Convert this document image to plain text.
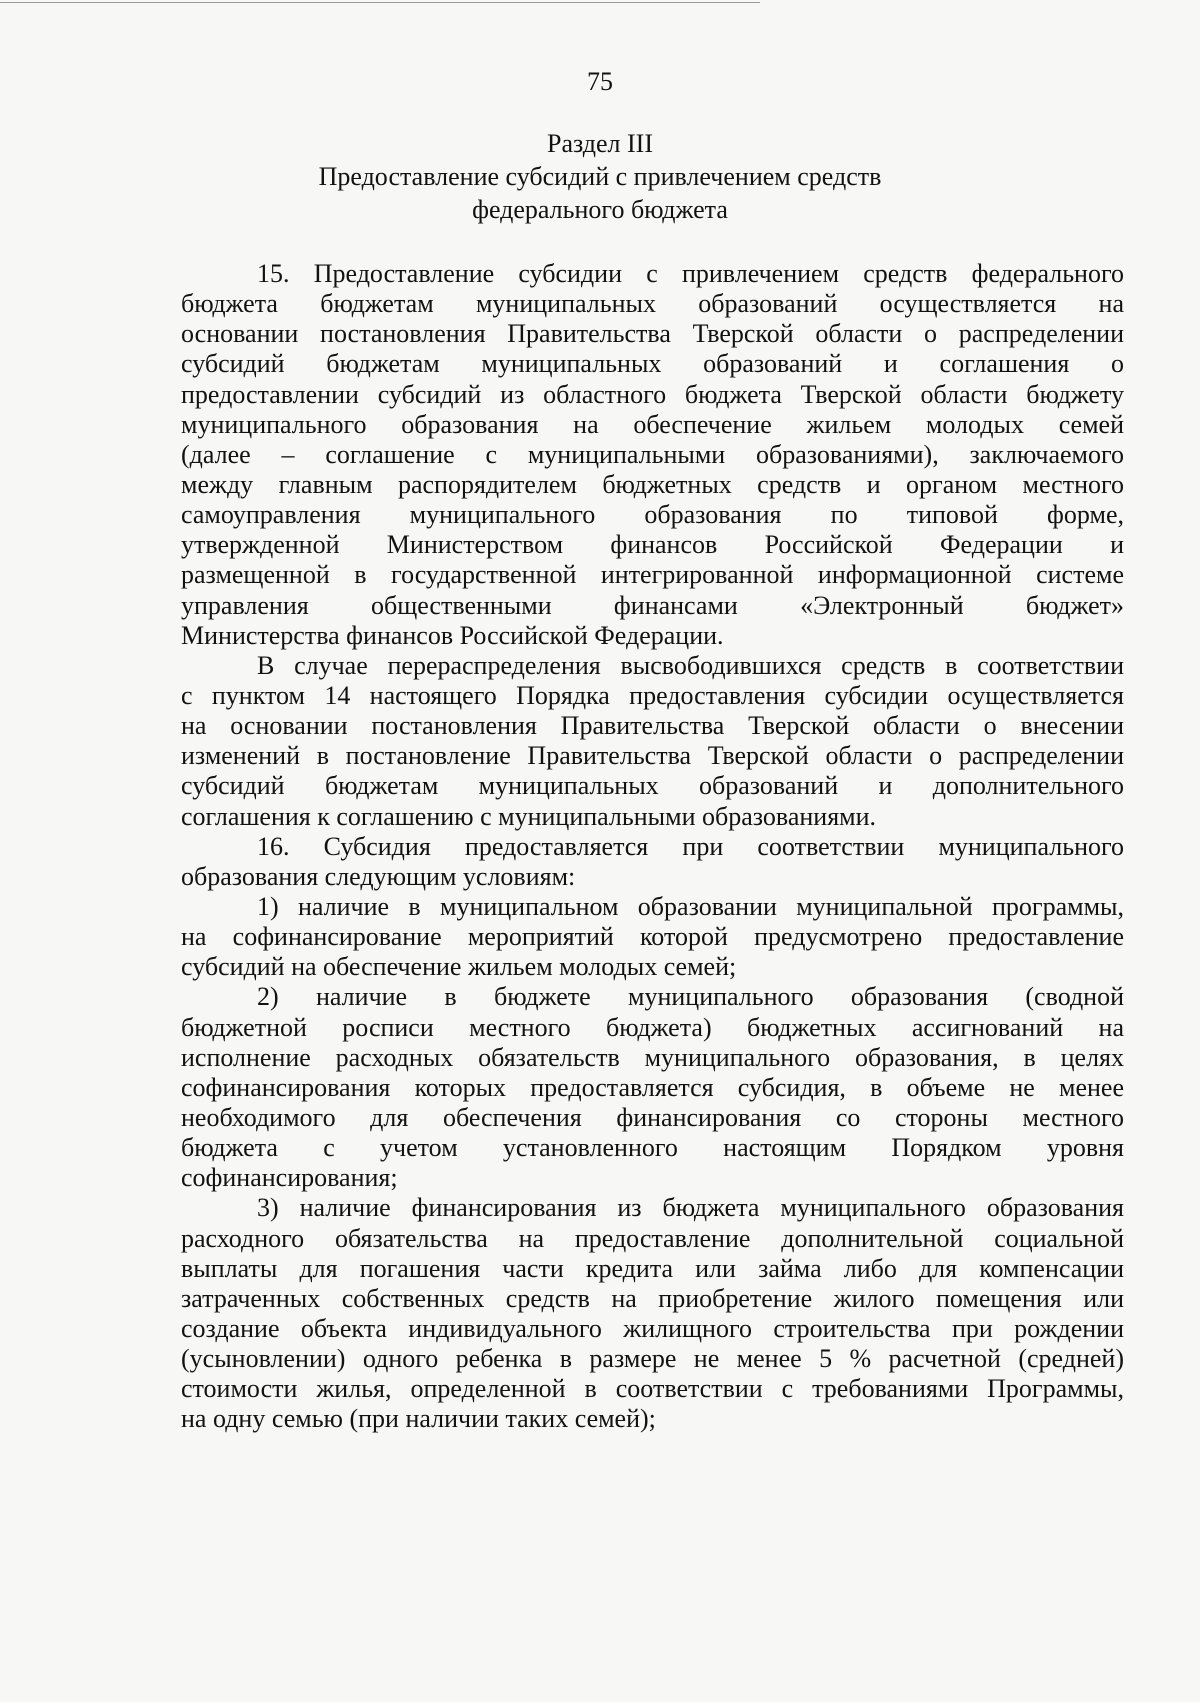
75
Раздел III
Предоставление субсидий с привлечением средств
федерального бюджета
15. Предоставление субсидии с привлечением средств федерального
бюджета бюджетам муниципальных образований осуществляется на
основании постановления Правительства Тверской области о распределении
субсидий бюджетам муниципальных образований и соглашения о
предоставлении субсидий из областного бюджета Тверской области бюджету
муниципального образования на обеспечение жильем молодых семей
(далее – соглашение с муниципальными образованиями), заключаемого
между главным распорядителем бюджетных средств и органом местного
самоуправления муниципального образования по типовой форме,
утвержденной Министерством финансов Российской Федерации и
размещенной в государственной интегрированной информационной системе
управления общественными финансами «Электронный бюджет»
Министерства финансов Российской Федерации.
В случае перераспределения высвободившихся средств в соответствии
с пунктом 14 настоящего Порядка предоставления субсидии осуществляется
на основании постановления Правительства Тверской области о внесении
изменений в постановление Правительства Тверской области о распределении
субсидий бюджетам муниципальных образований и дополнительного
соглашения к соглашению с муниципальными образованиями.
16. Субсидия предоставляется при соответствии муниципального
образования следующим условиям:
1) наличие в муниципальном образовании муниципальной программы,
на софинансирование мероприятий которой предусмотрено предоставление
субсидий на обеспечение жильем молодых семей;
2) наличие в бюджете муниципального образования (сводной
бюджетной росписи местного бюджета) бюджетных ассигнований на
исполнение расходных обязательств муниципального образования, в целях
софинансирования которых предоставляется субсидия, в объеме не менее
необходимого для обеспечения финансирования со стороны местного
бюджета с учетом установленного настоящим Порядком уровня
софинансирования;
3) наличие финансирования из бюджета муниципального образования
расходного обязательства на предоставление дополнительной социальной
выплаты для погашения части кредита или займа либо для компенсации
затраченных собственных средств на приобретение жилого помещения или
создание объекта индивидуального жилищного строительства при рождении
(усыновлении) одного ребенка в размере не менее 5 % расчетной (средней)
стоимости жилья, определенной в соответствии с требованиями Программы,
на одну семью (при наличии таких семей);
